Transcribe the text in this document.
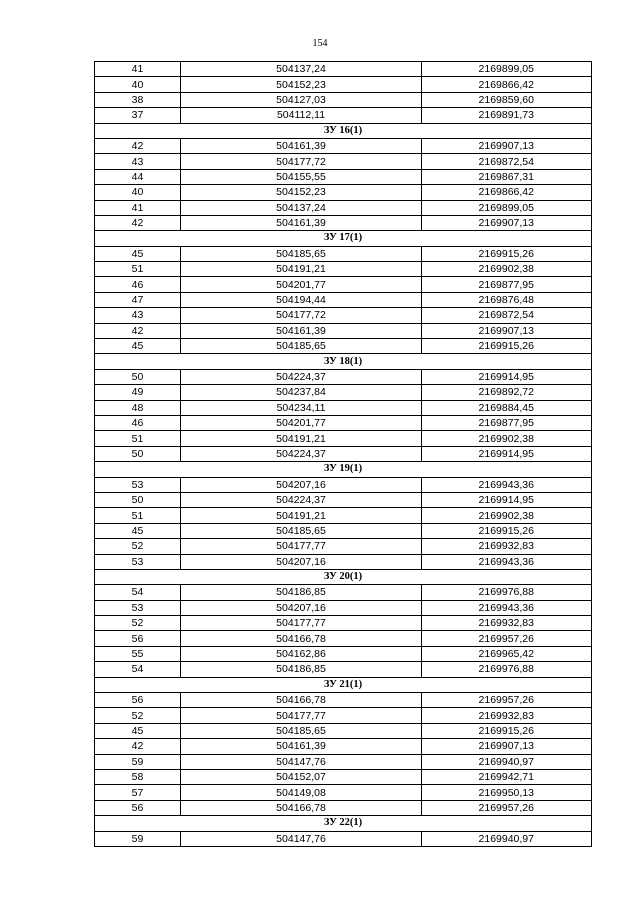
154
41	504137,24	2169899,05
40	504152,23	2169866,42
38	504127,03	2169859,60
37	504112,11	2169891,73
ЗУ 16(1)		
42	504161,39	2169907,13
43	504177,72	2169872,54
44	504155,55	2169867,31
40	504152,23	2169866,42
41	504137,24	2169899,05
42	504161,39	2169907,13
ЗУ 17(1)		
45	504185,65	2169915,26
51	504191,21	2169902,38
46	504201,77	2169877,95
47	504194,44	2169876,48
43	504177,72	2169872,54
42	504161,39	2169907,13
45	504185,65	2169915,26
ЗУ 18(1)		
50	504224,37	2169914,95
49	504237,84	2169892,72
48	504234,11	2169884,45
46	504201,77	2169877,95
51	504191,21	2169902,38
50	504224,37	2169914,95
ЗУ 19(1)		
53	504207,16	2169943,36
50	504224,37	2169914,95
51	504191,21	2169902,38
45	504185,65	2169915,26
52	504177,77	2169932,83
53	504207,16	2169943,36
ЗУ 20(1)		
54	504186,85	2169976,88
53	504207,16	2169943,36
52	504177,77	2169932,83
56	504166,78	2169957,26
55	504162,86	2169965,42
54	504186,85	2169976,88
ЗУ 21(1)		
56	504166,78	2169957,26
52	504177,77	2169932,83
45	504185,65	2169915,26
42	504161,39	2169907,13
59	504147,76	2169940,97
58	504152,07	2169942,71
57	504149,08	2169950,13
56	504166,78	2169957,26
ЗУ 22(1)		
59	504147,76	2169940,97
